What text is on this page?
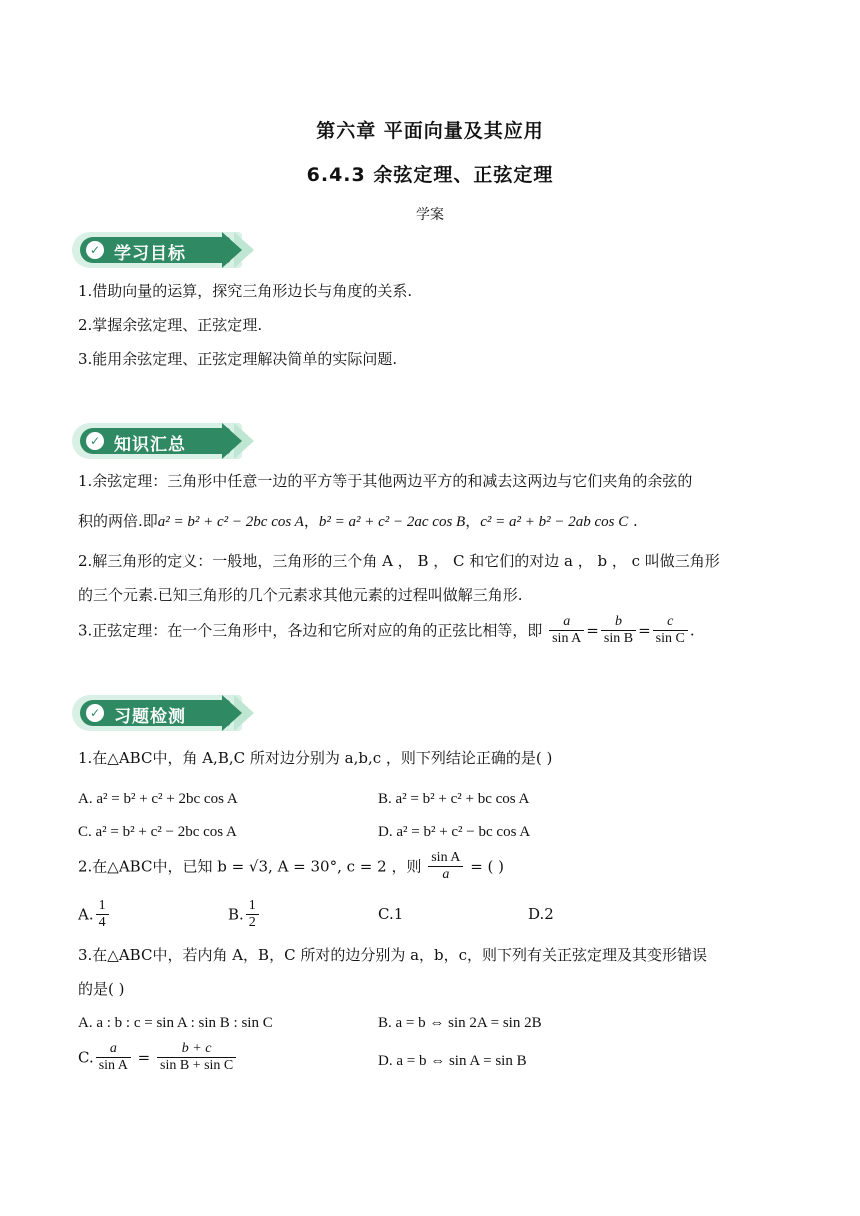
第六章 平面向量及其应用
6.4.3 余弦定理、正弦定理
学案
✓ 学习目标
1.借助向量的运算，探究三角形边长与角度的关系.
2.掌握余弦定理、正弦定理.
3.能用余弦定理、正弦定理解决简单的实际问题.
✓ 知识汇总
1.余弦定理：三角形中任意一边的平方等于其他两边平方的和减去这两边与它们夹角的余弦的
积的两倍.即a² = b² + c² − 2bc cos A，b² = a² + c² − 2ac cos B，c² = a² + b² − 2ab cos C .
2.解三角形的定义：一般地，三角形的三个角 A ， B ， C 和它们的对边 a ， b ， c 叫做三角形
的三个元素.已知三角形的几个元素求其他元素的过程叫做解三角形.
3.正弦定理：在一个三角形中，各边和它所对应的角的正弦比相等，即 $\frac{a}{\text{sin A}} = \frac{b}{\text{sin B}} = \frac{c}{\text{sin C}}$ .
✓ 习题检测
1.在△ABC中，角 A,B,C 所对边分别为 a,b,c ，则下列结论正确的是( )
A. a² = b² + c² + 2bc cos A	B. a² = b² + c² + bc cos A
C. a² = b² + c² − 2bc cos A	D. a² = b² + c² − bc cos A
2.在△ABC中，已知 b = √3, A = 30°, c = 2 ，则 $\frac{\text{sin A}}{a}$ = ( )
A. $\frac{1}{4}$	B. $\frac{1}{2}$	C.1	D.2
3.在△ABC中，若内角 A，B，C 所对的边分别为 a，b，c，则下列有关正弦定理及其变形错误
的是( )
A. a : b : c = sin A : sin B : sin C	B. a = b ⇔ sin 2A = sin 2B
C. $\frac{a}{\text{sin A}} = \frac{b + c}{\text{sin B + sin C}}$	D. a = b ⇔ sin A = sin B
